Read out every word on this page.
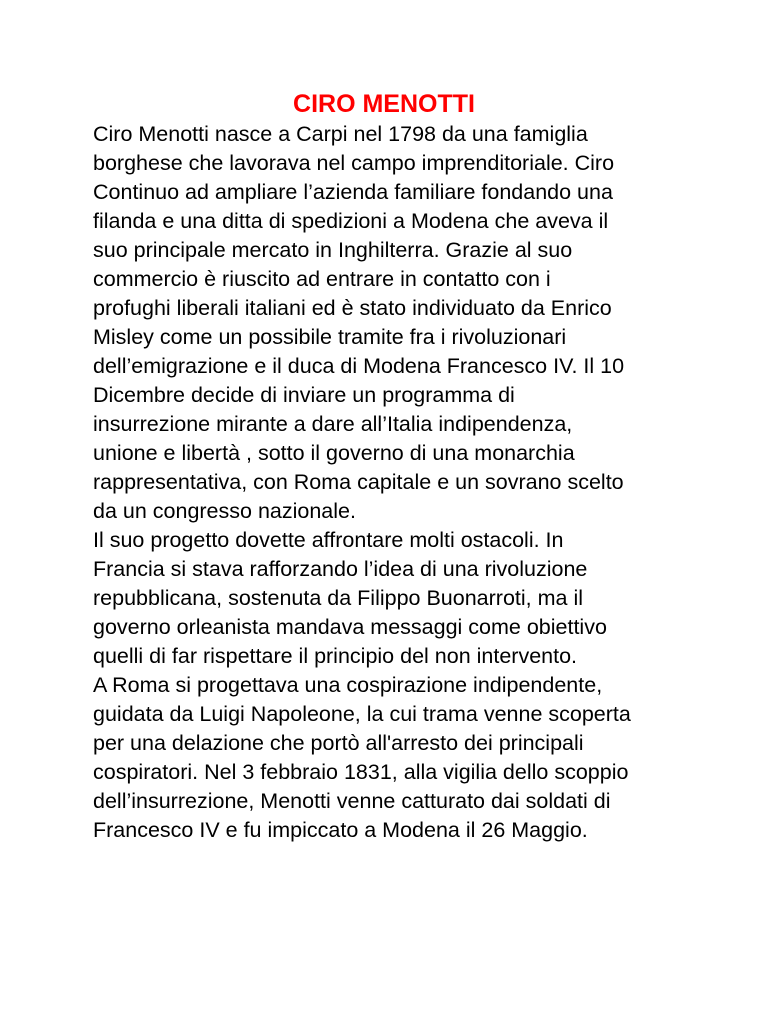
CIRO MENOTTI

Ciro Menotti nasce a Carpi nel 1798 da una famiglia
borghese che lavorava nel campo imprenditoriale. Ciro
Continuo ad ampliare l’azienda familiare fondando una
filanda e una ditta di spedizioni a Modena che aveva il
suo principale mercato in Inghilterra. Grazie al suo
commercio è riuscito ad entrare in contatto con i
profughi liberali italiani ed è stato individuato da Enrico
Misley come un possibile tramite fra i rivoluzionari
dell’emigrazione e il duca di Modena Francesco IV. Il 10
Dicembre decide di inviare un programma di
insurrezione mirante a dare all’Italia indipendenza,
unione e libertà , sotto il governo di una monarchia
rappresentativa, con Roma capitale e un sovrano scelto
da un congresso nazionale.

Il suo progetto dovette affrontare molti ostacoli. In
Francia si stava rafforzando l’idea di una rivoluzione
repubblicana, sostenuta da Filippo Buonarroti, ma il
governo orleanista mandava messaggi come obiettivo
quelli di far rispettare il principio del non intervento.

A Roma si progettava una cospirazione indipendente,
guidata da Luigi Napoleone, la cui trama venne scoperta
per una delazione che portò all'arresto dei principali
cospiratori. Nel 3 febbraio 1831, alla vigilia dello scoppio
dell’insurrezione, Menotti venne catturato dai soldati di
Francesco IV e fu impiccato a Modena il 26 Maggio.
